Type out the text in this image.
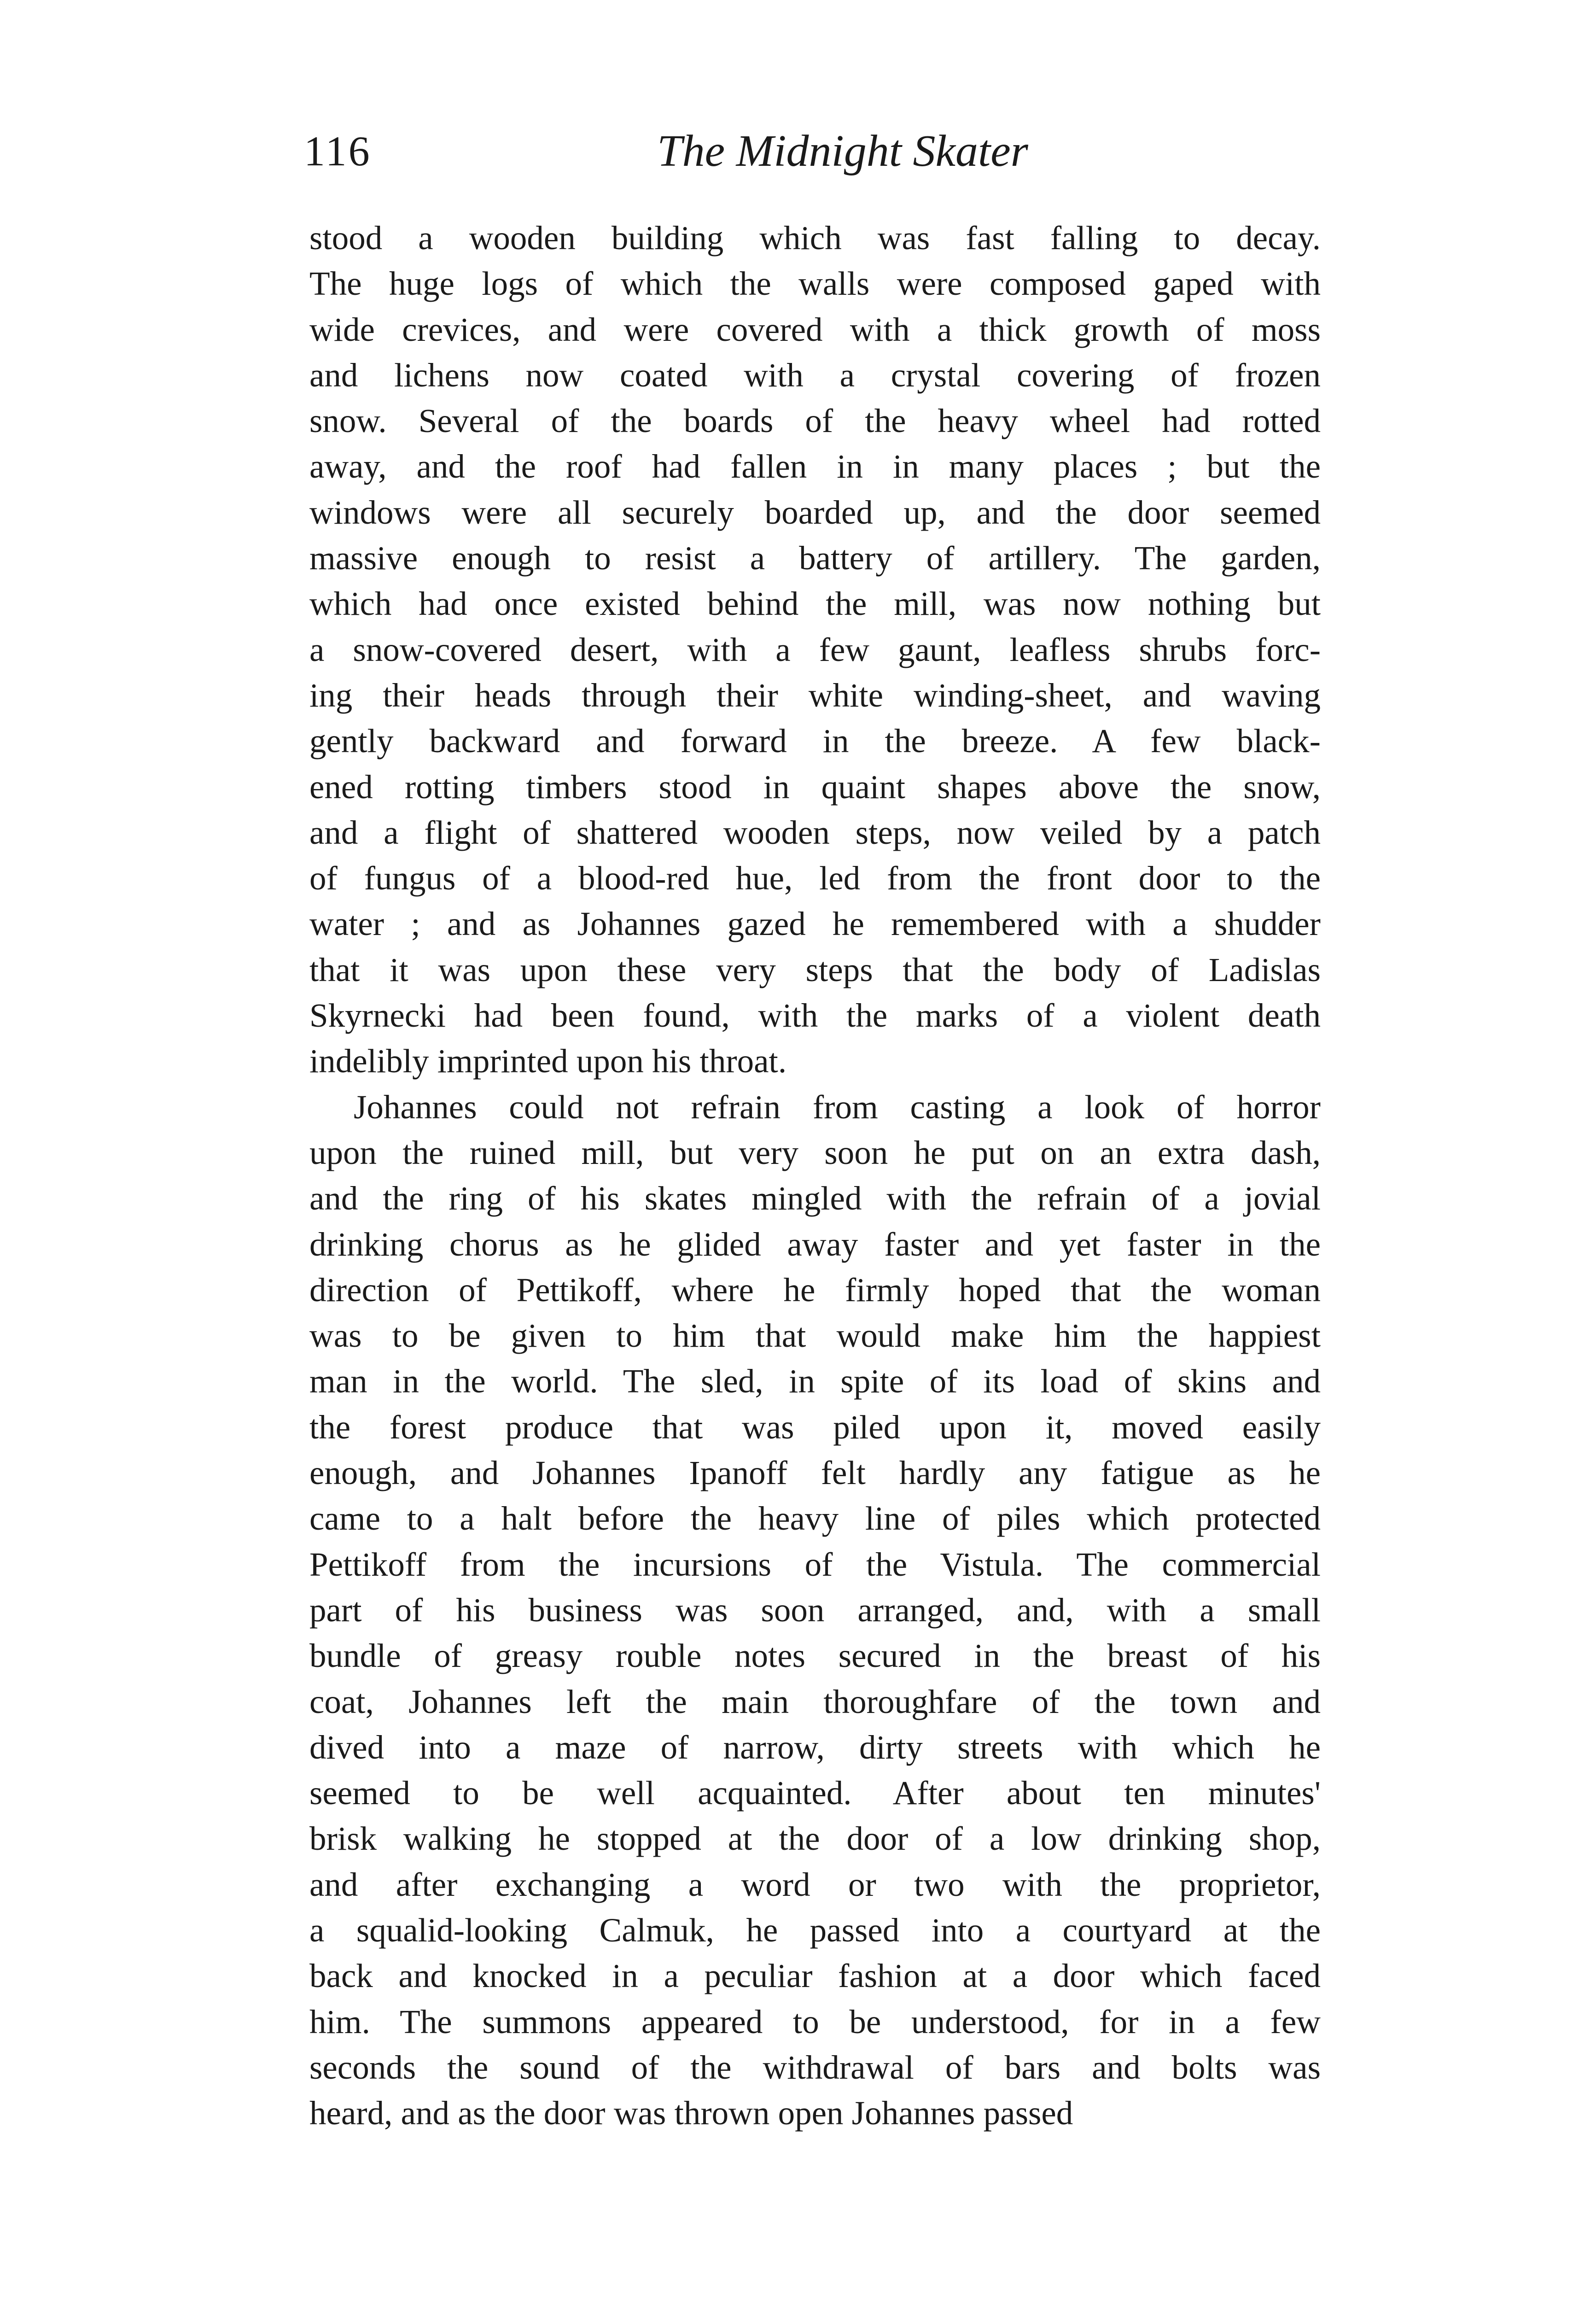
116	The Midnight Skater
stood a wooden building which was fast falling to decay.
The huge logs of which the walls were composed gaped with
wide crevices, and were covered with a thick growth of moss
and lichens now coated with a crystal covering of frozen
snow. Several of the boards of the heavy wheel had rotted
away, and the roof had fallen in in many places ; but the
windows were all securely boarded up, and the door seemed
massive enough to resist a battery of artillery. The garden,
which had once existed behind the mill, was now nothing but
a snow-covered desert, with a few gaunt, leafless shrubs forc-
ing their heads through their white winding-sheet, and waving
gently backward and forward in the breeze. A few black-
ened rotting timbers stood in quaint shapes above the snow,
and a flight of shattered wooden steps, now veiled by a patch
of fungus of a blood-red hue, led from the front door to the
water ; and as Johannes gazed he remembered with a shudder
that it was upon these very steps that the body of Ladislas
Skyrnecki had been found, with the marks of a violent death
indelibly imprinted upon his throat.
Johannes could not refrain from casting a look of horror
upon the ruined mill, but very soon he put on an extra dash,
and the ring of his skates mingled with the refrain of a jovial
drinking chorus as he glided away faster and yet faster in the
direction of Pettikoff, where he firmly hoped that the woman
was to be given to him that would make him the happiest
man in the world. The sled, in spite of its load of skins and
the forest produce that was piled upon it, moved easily
enough, and Johannes Ipanoff felt hardly any fatigue as he
came to a halt before the heavy line of piles which protected
Pettikoff from the incursions of the Vistula. The commercial
part of his business was soon arranged, and, with a small
bundle of greasy rouble notes secured in the breast of his
coat, Johannes left the main thoroughfare of the town and
dived into a maze of narrow, dirty streets with which he
seemed to be well acquainted. After about ten minutes'
brisk walking he stopped at the door of a low drinking shop,
and after exchanging a word or two with the proprietor,
a squalid-looking Calmuk, he passed into a courtyard at the
back and knocked in a peculiar fashion at a door which faced
him. The summons appeared to be understood, for in a few
seconds the sound of the withdrawal of bars and bolts was
heard, and as the door was thrown open Johannes passed
